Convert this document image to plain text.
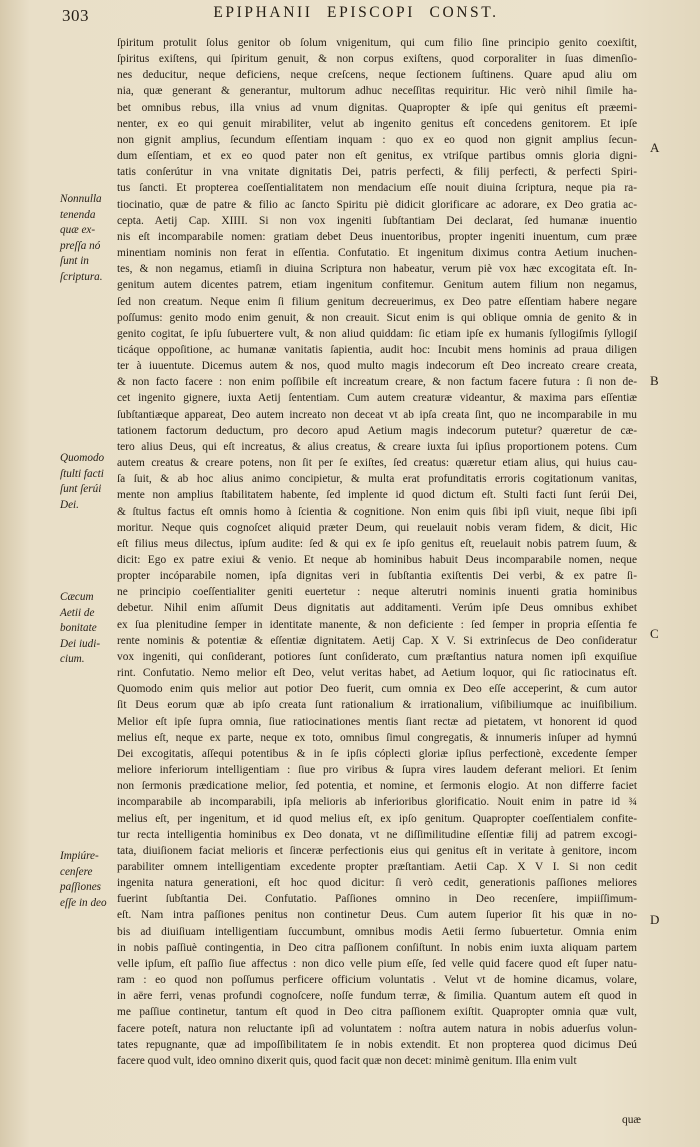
303	EPIPHANII EPISCOPI CONST.
Nonnulla
tenenda
quæ ex-
preſſa nó
ſunt in
ſcriptura.
Quomodo
ſtulti facti
ſunt ſerúi
Dei.
Cæcum
Aetii de
bonitate
Dei iudi-
cium.
Impiúre-
cenſere
paſſiones
eſſe in deo
A
B
C
D
ſpiritum protulit ſolus genitor ob ſolum vnigenitum, qui cum filio ſine principio genito coexiſtit,
ſpiritus exiſtens, qui ſpiritum genuit, & non corpus exiſtens, quod corporaliter in ſuas dimenſio-
nes deducitur, neque deficiens, neque creſcens, neque ſectionem ſuſtinens. Quare apud aliu om
nia, quæ generant & generantur, multorum adhuc neceſſitas requiritur. Hic verò nihil ſimile ha-
bet omnibus rebus, illa vnius ad vnum dignitas. Quapropter & ipſe qui genitus eſt præemi-
nenter, ex eo qui genuit mirabiliter, velut ab ingenito genitus eſt concedens genitorem. Et ipſe
non gignit amplius, ſecundum eſſentiam inquam : quo ex eo quod non gignit amplius ſecun-
dum eſſentiam, et ex eo quod pater non eſt genitus, ex vtriſque partibus omnis gloria digni-
tatis conſerútur in vna vnitate dignitatis Dei, patris perfecti, & filij perfecti, & perfecti Spiri-
tus ſancti. Et propterea coeſſentialitatem non mendacium eſſe nouit diuina ſcriptura, neque pia ra-
tiocinatio, quæ de patre & filio ac ſancto Spiritu piè didicit glorificare ac adorare, ex Deo gratia ac-
cepta. Aetij Cap. XIIII. Si non vox ingeniti ſubſtantiam Dei declarat, ſed humanæ inuentio
nis eſt incomparabile nomen: gratiam debet Deus inuentoribus, propter ingeniti inuentum, cum præe
minentiam nominis non ferat in eſſentia. Confutatio. Et ingenitum diximus contra Aetium inuchen-
tes, & non negamus, etiamſi in diuina Scriptura non habeatur, verum piè vox hæc excogitata eſt. In-
genitum autem dicentes patrem, etiam ingenitum confitemur. Genitum autem filium non negamus,
ſed non creatum. Neque enim ſi filium genitum decreuerimus, ex Deo patre eſſentiam habere negare
poſſumus: genito modo enim genuit, & non creauit. Sicut enim is qui oblique omnia de genito & in
genito cogitat, ſe ipſu ſubuertere vult, & non aliud quiddam: ſic etiam ipſe ex humanis ſyllogiſmis ſyllogiſ
ticáque oppoſitione, ac humanæ vanitatis ſapientia, audit hoc: Incubit mens hominis ad praua diligen
ter à iuuentute. Dicemus autem & nos, quod multo magis indecorum eſt Deo increato creare creata,
& non facto facere : non enim poſſibile eſt increatum creare, & non factum facere futura : ſi non de-
cet ingenito gignere, iuxta Aetij ſententiam. Cum autem creaturæ videantur, & maxima pars eſſentiæ
ſubſtantiæque appareat, Deo autem increato non deceat vt ab ipſa creata ſint, quo ne incomparabile in mu
tationem factorum deductum, pro decoro apud Aetium magis indecorum putetur? quæretur de cæ-
tero alius Deus, qui eſt increatus, & alius creatus, & creare iuxta ſui ipſius proportionem potens. Cum
autem creatus & creare potens, non ſit per ſe exiſtes, ſed creatus: quæretur etiam alius, qui huius cau-
ſa ſuit, & ab hoc alius animo concipietur, & multa erat profunditatis erroris cogitationum vanitas,
mente non amplius ſtabilitatem habente, ſed implente id quod dictum eſt. Stulti facti ſunt ſerúi Dei,
& ſtultus factus eſt omnis homo à ſcientia & cognitione. Non enim quis ſibi ipſi viuit, neque ſibi ipſi
moritur. Neque quis cognoſcet aliquid præter Deum, qui reuelauit nobis veram fidem, & dicit, Hic
eſt filius meus dilectus, ipſum audite: ſed & qui ex ſe ipſo genitus eſt, reuelauit nobis patrem ſuum, &
dicit: Ego ex patre exiui & venio. Et neque ab hominibus habuit Deus incomparabile nomen, neque
propter incóparabile nomen, ipſa dignitas veri in ſubſtantia exiſtentis Dei verbi, & ex patre ſi-
ne principio coeſſentialiter geniti euertetur : neque alterutri nominis inuenti gratia hominibus
debetur. Nihil enim aſſumit Deus dignitatis aut additamenti. Verúm ipſe Deus omnibus exhibet
ex ſua plenitudine ſemper in identitate manente, & non deficiente : ſed ſemper in propria eſſentia fe
rente nominis & potentiæ & eſſentiæ dignitatem. Aetij Cap. X V. Si extrinſecus de Deo conſideratur
vox ingeniti, qui conſiderant, potiores ſunt conſiderato, cum præſtantius natura nomen ipſi exquiſiue
rint. Confutatio. Nemo melior eſt Deo, velut veritas habet, ad Aetium loquor, qui ſic ratiocinatus eſt.
Quomodo enim quis melior aut potior Deo fuerit, cum omnia ex Deo eſſe acceperint, & cum autor
ſit Deus eorum quæ ab ipſo creata ſunt rationalium & irrationalium, viſibiliumque ac inuiſibilium.
Melior eſt ipſe ſupra omnia, ſiue ratiocinationes mentis ſiant rectæ ad pietatem, vt honorent id quod
melius eſt, neque ex parte, neque ex toto, omnibus ſimul congregatis, & innumeris inſuper ad hymnú
Dei excogitatis, aſſequi potentibus & in ſe ipſis cóplecti gloriæ ipſius perfectionè, excedente ſemper
meliore inferiorum intelligentiam : ſiue pro viribus & ſupra vires laudem deferant meliori. Et ſenim
non ſermonis prædicatione melior, ſed potentia, et nomine, et ſermonis elogio. At non differre faciet
incomparabile ab incomparabili, ipſa melioris ab inferioribus glorificatio. Nouit enim in patre id ¾
melius eſt, per ingenitum, et id quod melius eſt, ex ipſo genitum. Quapropter coeſſentialem confite-
tur recta intelligentia hominibus ex Deo donata, vt ne diſſimilitudine eſſentiæ filij ad patrem excogi-
tata, diuiſionem faciat melioris et ſinceræ perfectionis eius qui genitus eſt in veritate à genitore, incom
parabiliter omnem intelligentiam excedente propter præſtantiam. Aetii Cap. X V I. Si non cedit
ingenita natura generationi, eſt hoc quod dicitur: ſi verò cedit, generationis paſſiones meliores
fuerint ſubſtantia Dei. Confutatio. Paſſiones omnino in Deo recenſere, impiiſſimum-
eſt. Nam intra paſſiones penitus non continetur Deus. Cum autem ſuperior ſit his quæ in no-
bis ad diuiſiuam intelligentiam ſuccumbunt, omnibus modis Aetii ſermo ſubuertetur. Omnia enim
in nobis paſſiuè contingentia, in Deo citra paſſionem conſiſtunt. In nobis enim iuxta aliquam partem
velle ipſum, eſt paſſio ſiue affectus : non dico velle pium eſſe, ſed velle quid facere quod eſt ſuper natu-
ram : eo quod non poſſumus perficere officium voluntatis . Velut vt de homine dicamus, volare,
in aëre ferri, venas profundi cognoſcere, noſſe fundum terræ, & ſimilia. Quantum autem eſt quod in
me paſſiue continetur, tantum eſt quod in Deo citra paſſionem exiſtit. Quapropter omnia quæ vult,
facere poteſt, natura non reluctante ipſi ad voluntatem : noſtra autem natura in nobis aduerſus volun-
tates repugnante, quæ ad impoſſibilitatem ſe in nobis extendit. Et non propterea quod dicimus Deú
facere quod vult, ideo omnino dixerit quis, quod facit quæ non decet: minimè genitum. Illa enim vult
quæ
